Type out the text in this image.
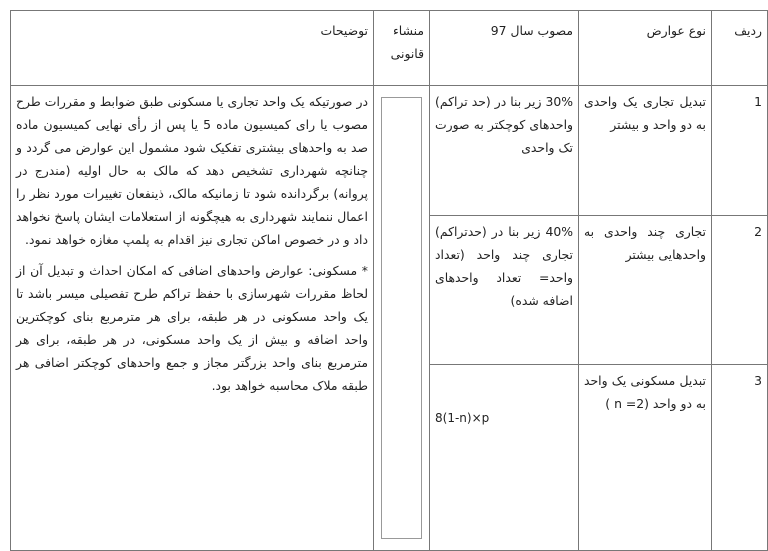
ردیف	نوع عوارض	مصوب سال 97	منشاء قانونی	توضیحات
1	تبدیل تجاری یک واحدی به دو واحد و بیشتر	30% زیر بنا در (حد تراکم) واحدهای کوچکتر به صورت تک واحدی		در صورتیکه یک واحد تجاری یا مسکونی طبق ضوابط و مقررات طرح مصوب یا رای کمیسیون ماده 5 یا پس از رأی نهایی کمیسیون ماده صد به واحدهای بیشتری تفکیک شود مشمول این عوارض می گردد و چنانچه شهرداری تشخیص دهد که مالک به حال اولیه (مندرج در پروانه) برگردانده شود تا زمانیکه مالک، ذینفعان تغییرات مورد نظر را اعمال ننمایند شهرداری به هیچگونه از استعلامات ایشان پاسخ نخواهد داد و در خصوص اماکن تجاری نیز اقدام به پلمپ مغازه خواهد نمود.

* مسکونی: عوارض واحدهای اضافی که امکان احداث و تبدیل آن از لحاظ مقررات شهرسازی با حفظ تراکم طرح تفصیلی میسر باشد تا یک واحد مسکونی در هر طبقه، برای هر مترمربع بنای کوچکترین واحد اضافه و بیش از یک واحد مسکونی، در هر طبقه، برای هر مترمربع بنای واحد بزرگتر مجاز و جمع واحدهای کوچکتر اضافی هر طبقه ملاک محاسبه خواهد بود.

2	تجاری چند واحدی به واحدهایی بیشتر	40% زیر بنا در (حدتراکم) تجاری چند واحد (تعداد واحد= تعداد واحدهای اضافه شده)		
3	تبدیل مسکونی یک واحد به دو واحد (2= n )	8(1-n)×p		
